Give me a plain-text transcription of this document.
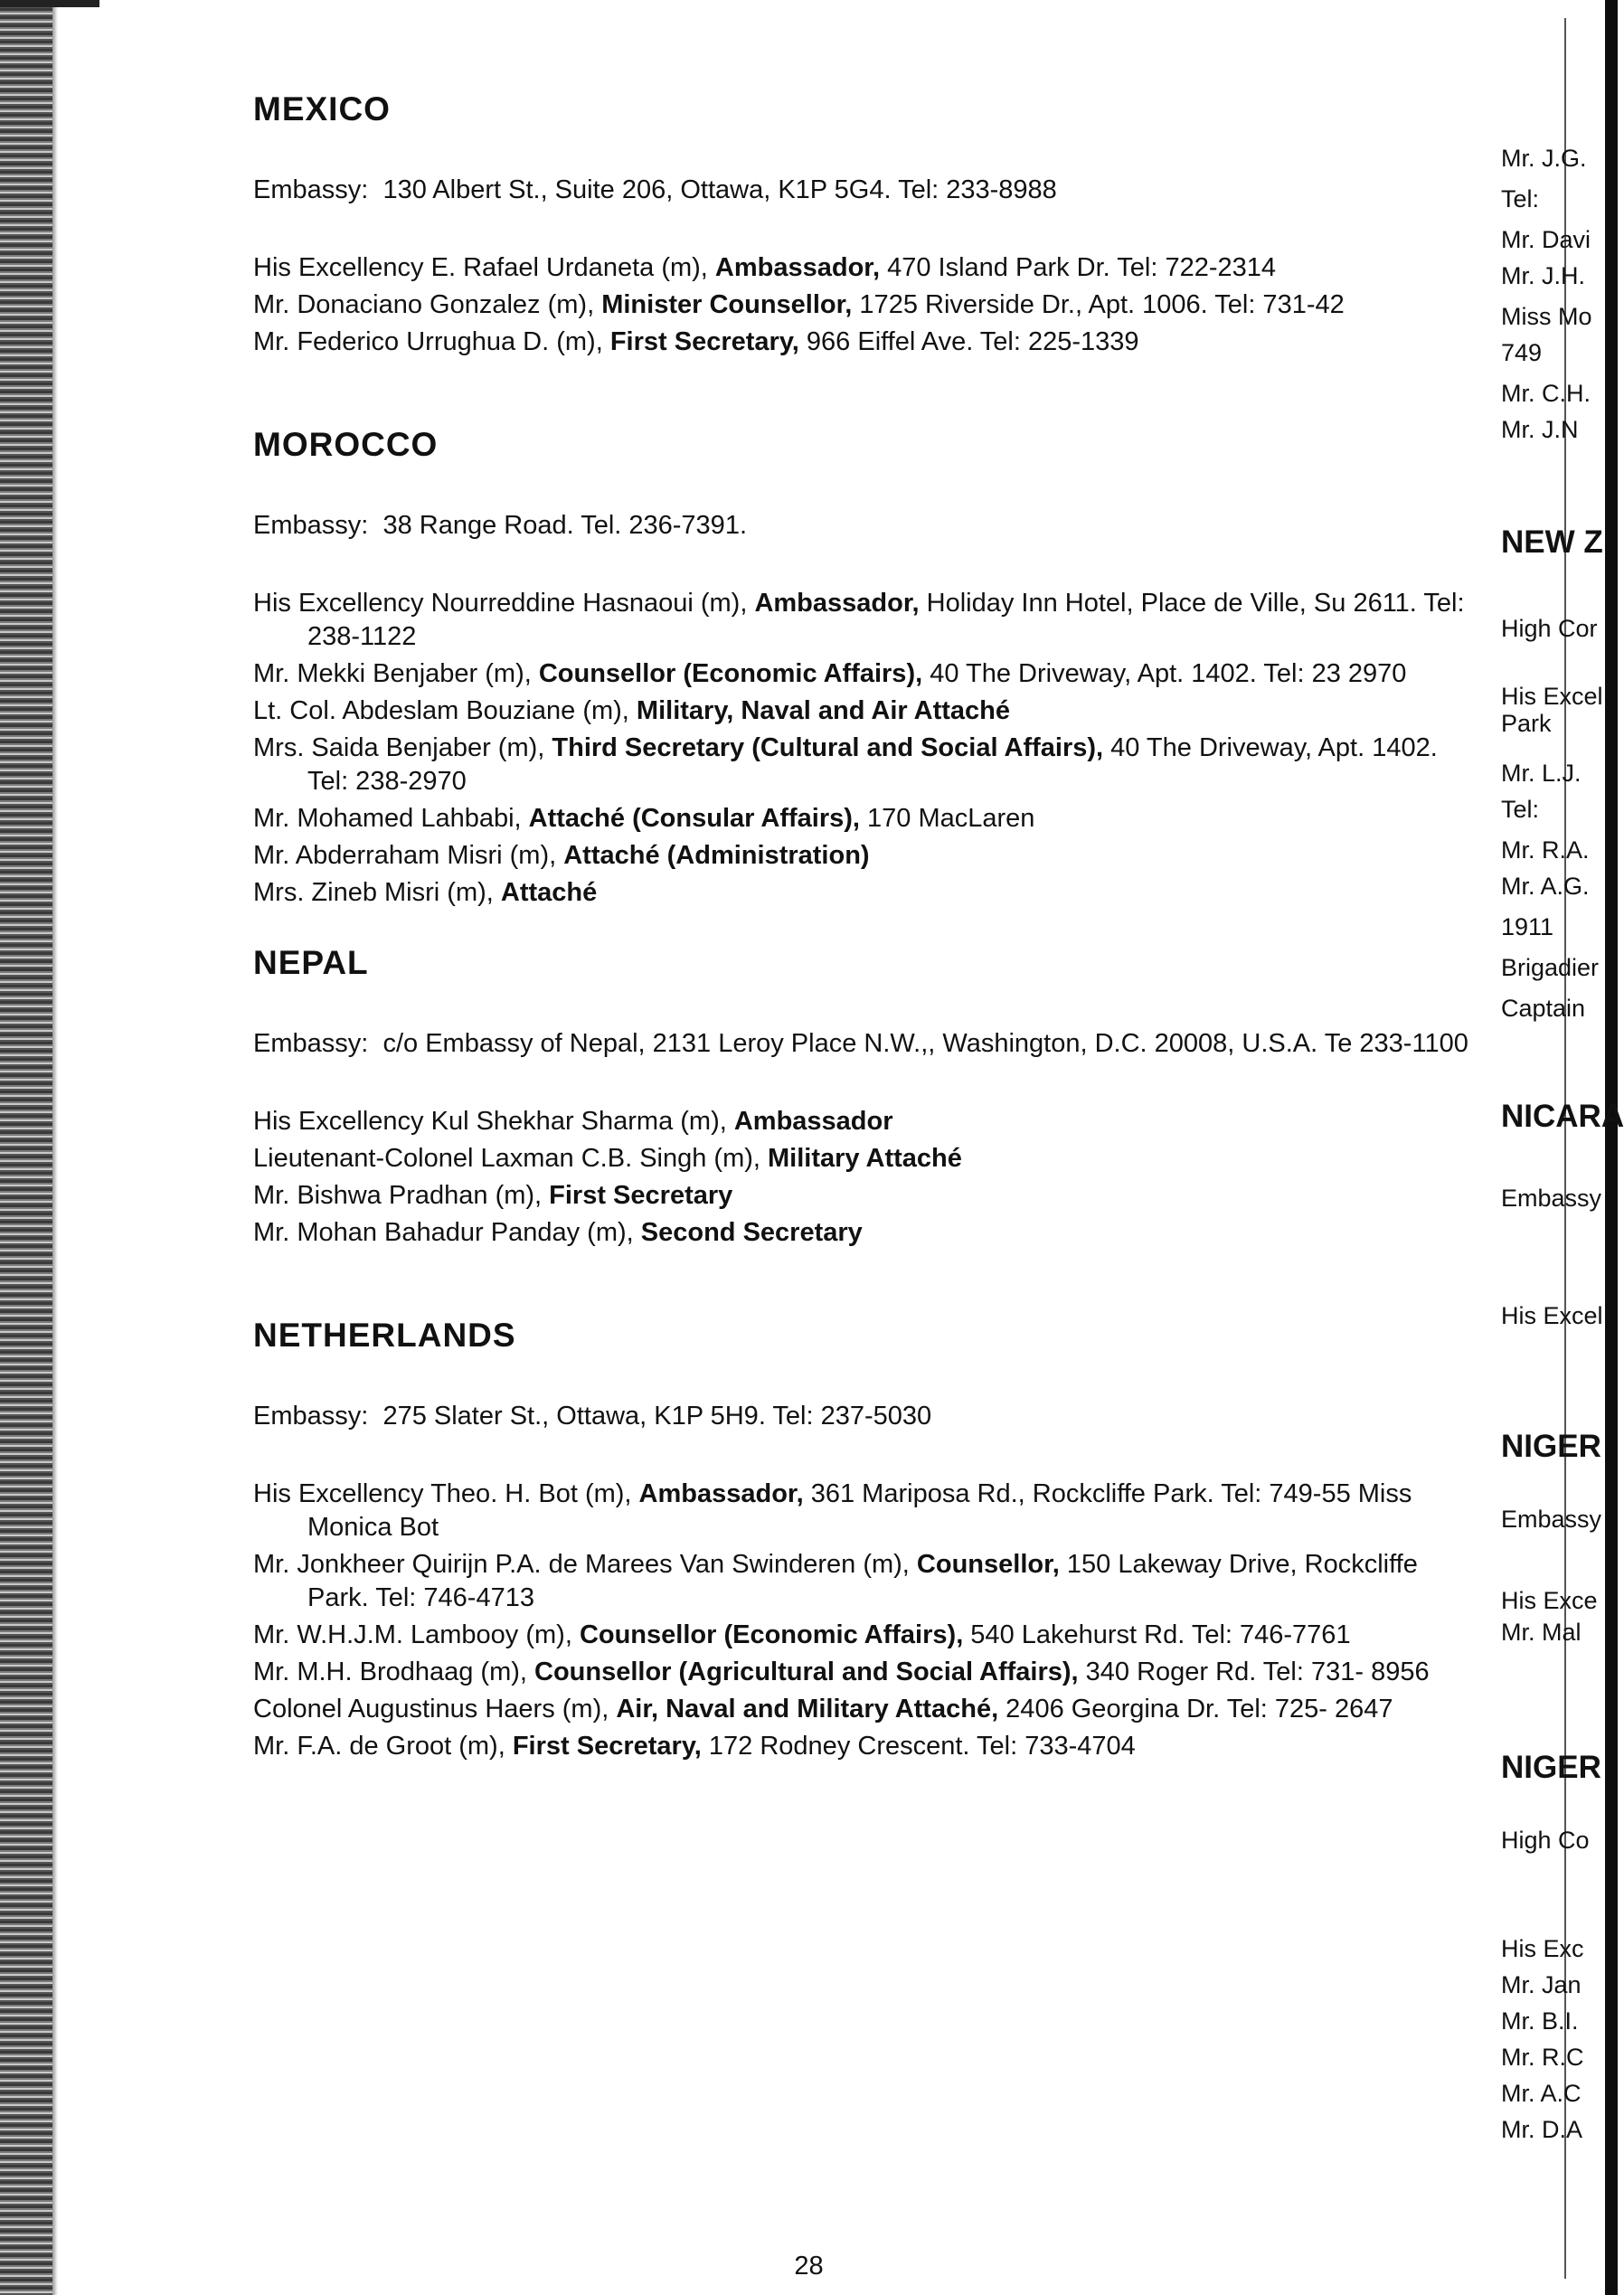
Mr. J.G.
Tel:
Mr. Davi
Mr. J.H.
Miss Mo
749
Mr. C.H.
Mr. J.N
NEW Z
High Cor
His Excel
Park
Mr. L.J.
Tel:
Mr. R.A.
Mr. A.G.
1911
Brigadier
Captain
NICARA
Embassy
His Excel
NIGER
Embassy
His Exce
Mr. Mal
NIGER
High Co
His Exc
Mr. Jan
Mr. B.I.
Mr. R.C
Mr. A.C
Mr. D.A
MEXICO
Embassy:
130 Albert St., Suite 206, Ottawa, K1P 5G4. Tel: 233-8988
His Excellency E. Rafael Urdaneta (m), Ambassador, 470 Island Park Dr. Tel: 722-2314
Mr. Donaciano Gonzalez (m), Minister Counsellor, 1725 Riverside Dr., Apt. 1006. Tel: 731-42
Mr. Federico Urrughua D. (m), First Secretary, 966 Eiffel Ave. Tel: 225-1339
MOROCCO
Embassy:
38 Range Road. Tel. 236-7391.
His Excellency Nourreddine Hasnaoui (m), Ambassador, Holiday Inn Hotel, Place de Ville, Su 2611. Tel: 238-1122
Mr. Mekki Benjaber (m), Counsellor (Economic Affairs), 40 The Driveway, Apt. 1402. Tel: 23 2970
Lt. Col. Abdeslam Bouziane (m), Military, Naval and Air Attaché
Mrs. Saida Benjaber (m), Third Secretary (Cultural and Social Affairs), 40 The Driveway, Apt. 1402. Tel: 238-2970
Mr. Mohamed Lahbabi, Attaché (Consular Affairs), 170 MacLaren
Mr. Abderraham Misri (m), Attaché (Administration)
Mrs. Zineb Misri (m), Attaché
NEPAL
Embassy:
c/o Embassy of Nepal, 2131 Leroy Place N.W.,, Washington, D.C. 20008, U.S.A. Te 233-1100
His Excellency Kul Shekhar Sharma (m), Ambassador
Lieutenant-Colonel Laxman C.B. Singh (m), Military Attaché
Mr. Bishwa Pradhan (m), First Secretary
Mr. Mohan Bahadur Panday (m), Second Secretary
NETHERLANDS
Embassy:
275 Slater St., Ottawa, K1P 5H9. Tel: 237-5030
His Excellency Theo. H. Bot (m), Ambassador, 361 Mariposa Rd., Rockcliffe Park. Tel: 749-55 Miss Monica Bot
Mr. Jonkheer Quirijn P.A. de Marees Van Swinderen (m), Counsellor, 150 Lakeway Drive, Rockcliffe Park. Tel: 746-4713
Mr. W.H.J.M. Lambooy (m), Counsellor (Economic Affairs), 540 Lakehurst Rd. Tel: 746-7761
Mr. M.H. Brodhaag (m), Counsellor (Agricultural and Social Affairs), 340 Roger Rd. Tel: 731- 8956
Colonel Augustinus Haers (m), Air, Naval and Military Attaché, 2406 Georgina Dr. Tel: 725- 2647
Mr. F.A. de Groot (m), First Secretary, 172 Rodney Crescent. Tel: 733-4704
28
